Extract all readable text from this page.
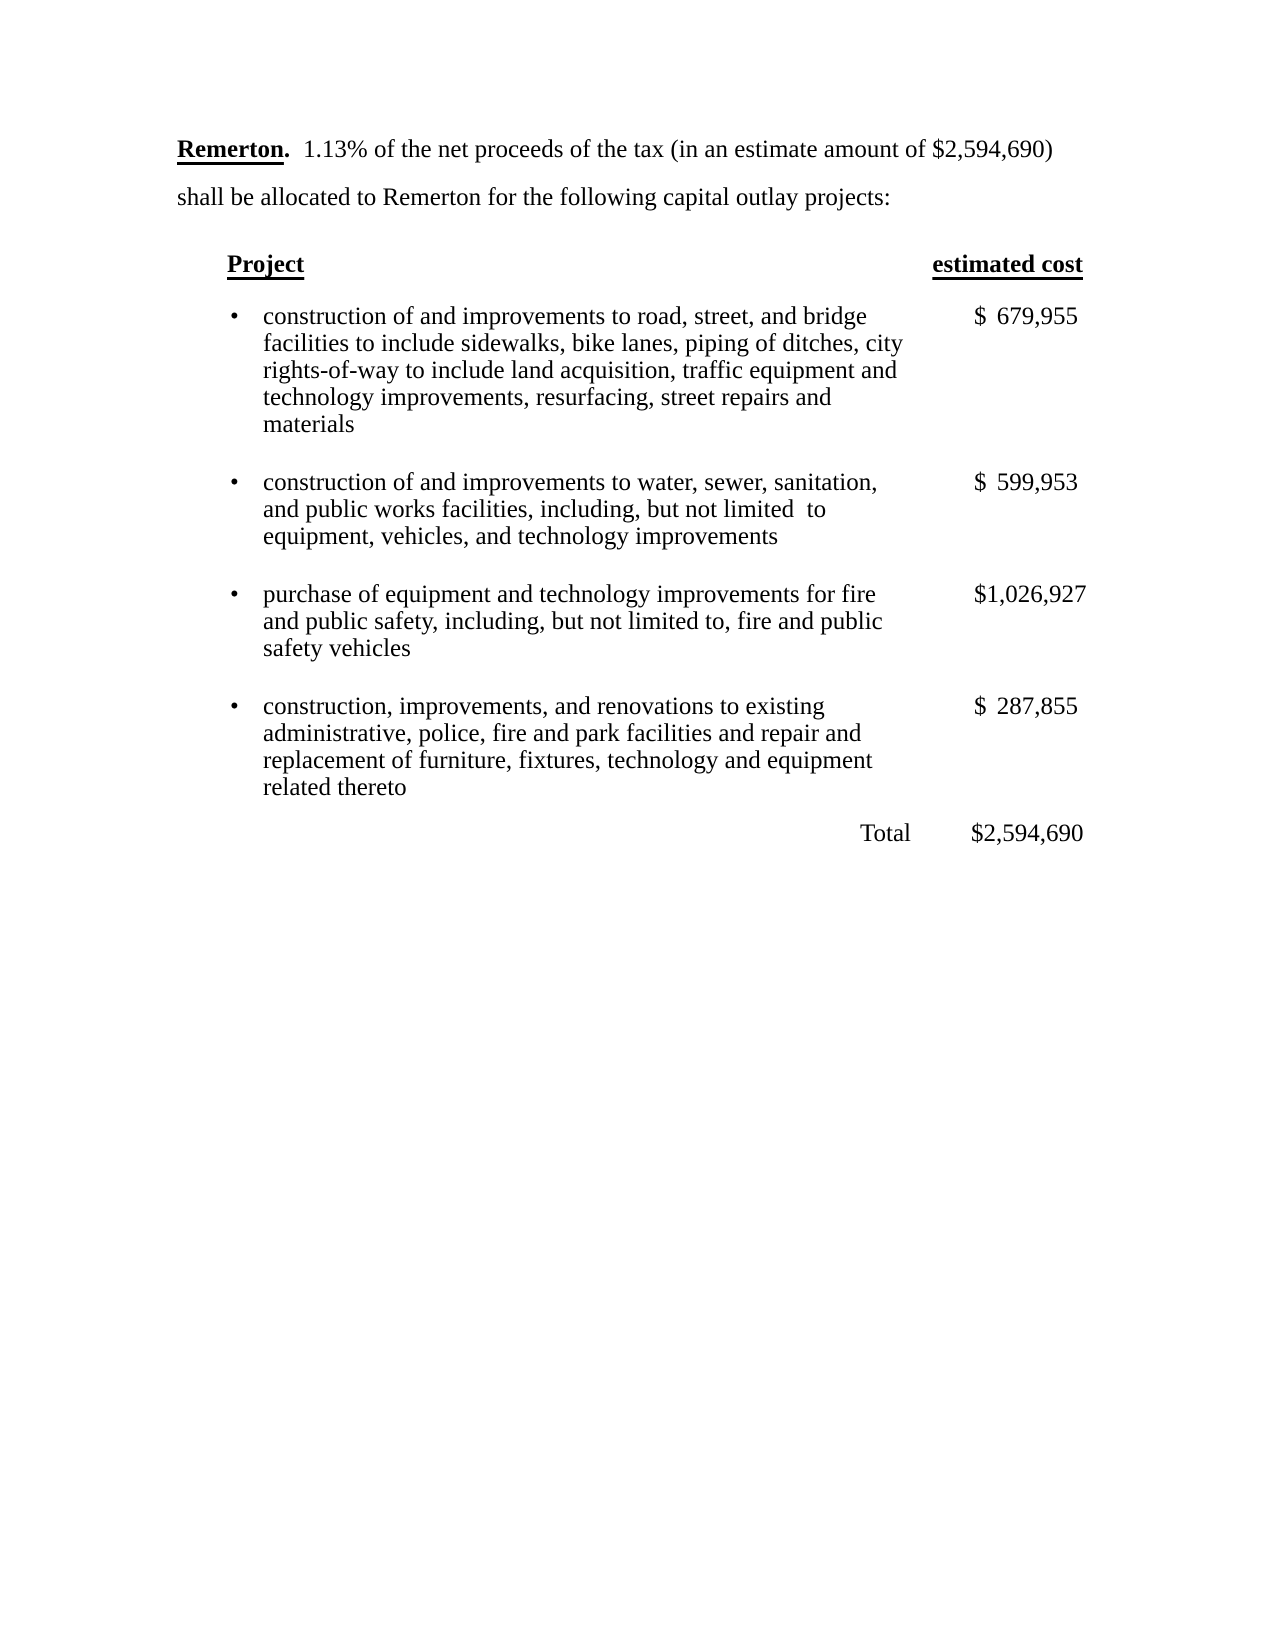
Remerton. 1.13% of the net proceeds of the tax (in an estimate amount of $2,594,690) shall be allocated to Remerton for the following capital outlay projects:

Project	estimated cost
• construction of and improvements to road, street, and bridge facilities to include sidewalks, bike lanes, piping of ditches, city rights-of-way to include land acquisition, traffic equipment and technology improvements, resurfacing, street repairs and materials
$ 679,955
• construction of and improvements to water, sewer, sanitation, and public works facilities, including, but not limited  to equipment, vehicles, and technology improvements
$ 599,953
• purchase of equipment and technology improvements for fire and public safety, including, but not limited to, fire and public safety vehicles
$ 1,026,927
• construction, improvements, and renovations to existing administrative, police, fire and park facilities and repair and replacement of furniture, fixtures, technology and equipment related thereto
$ 287,855
Total $ 2,594,690
